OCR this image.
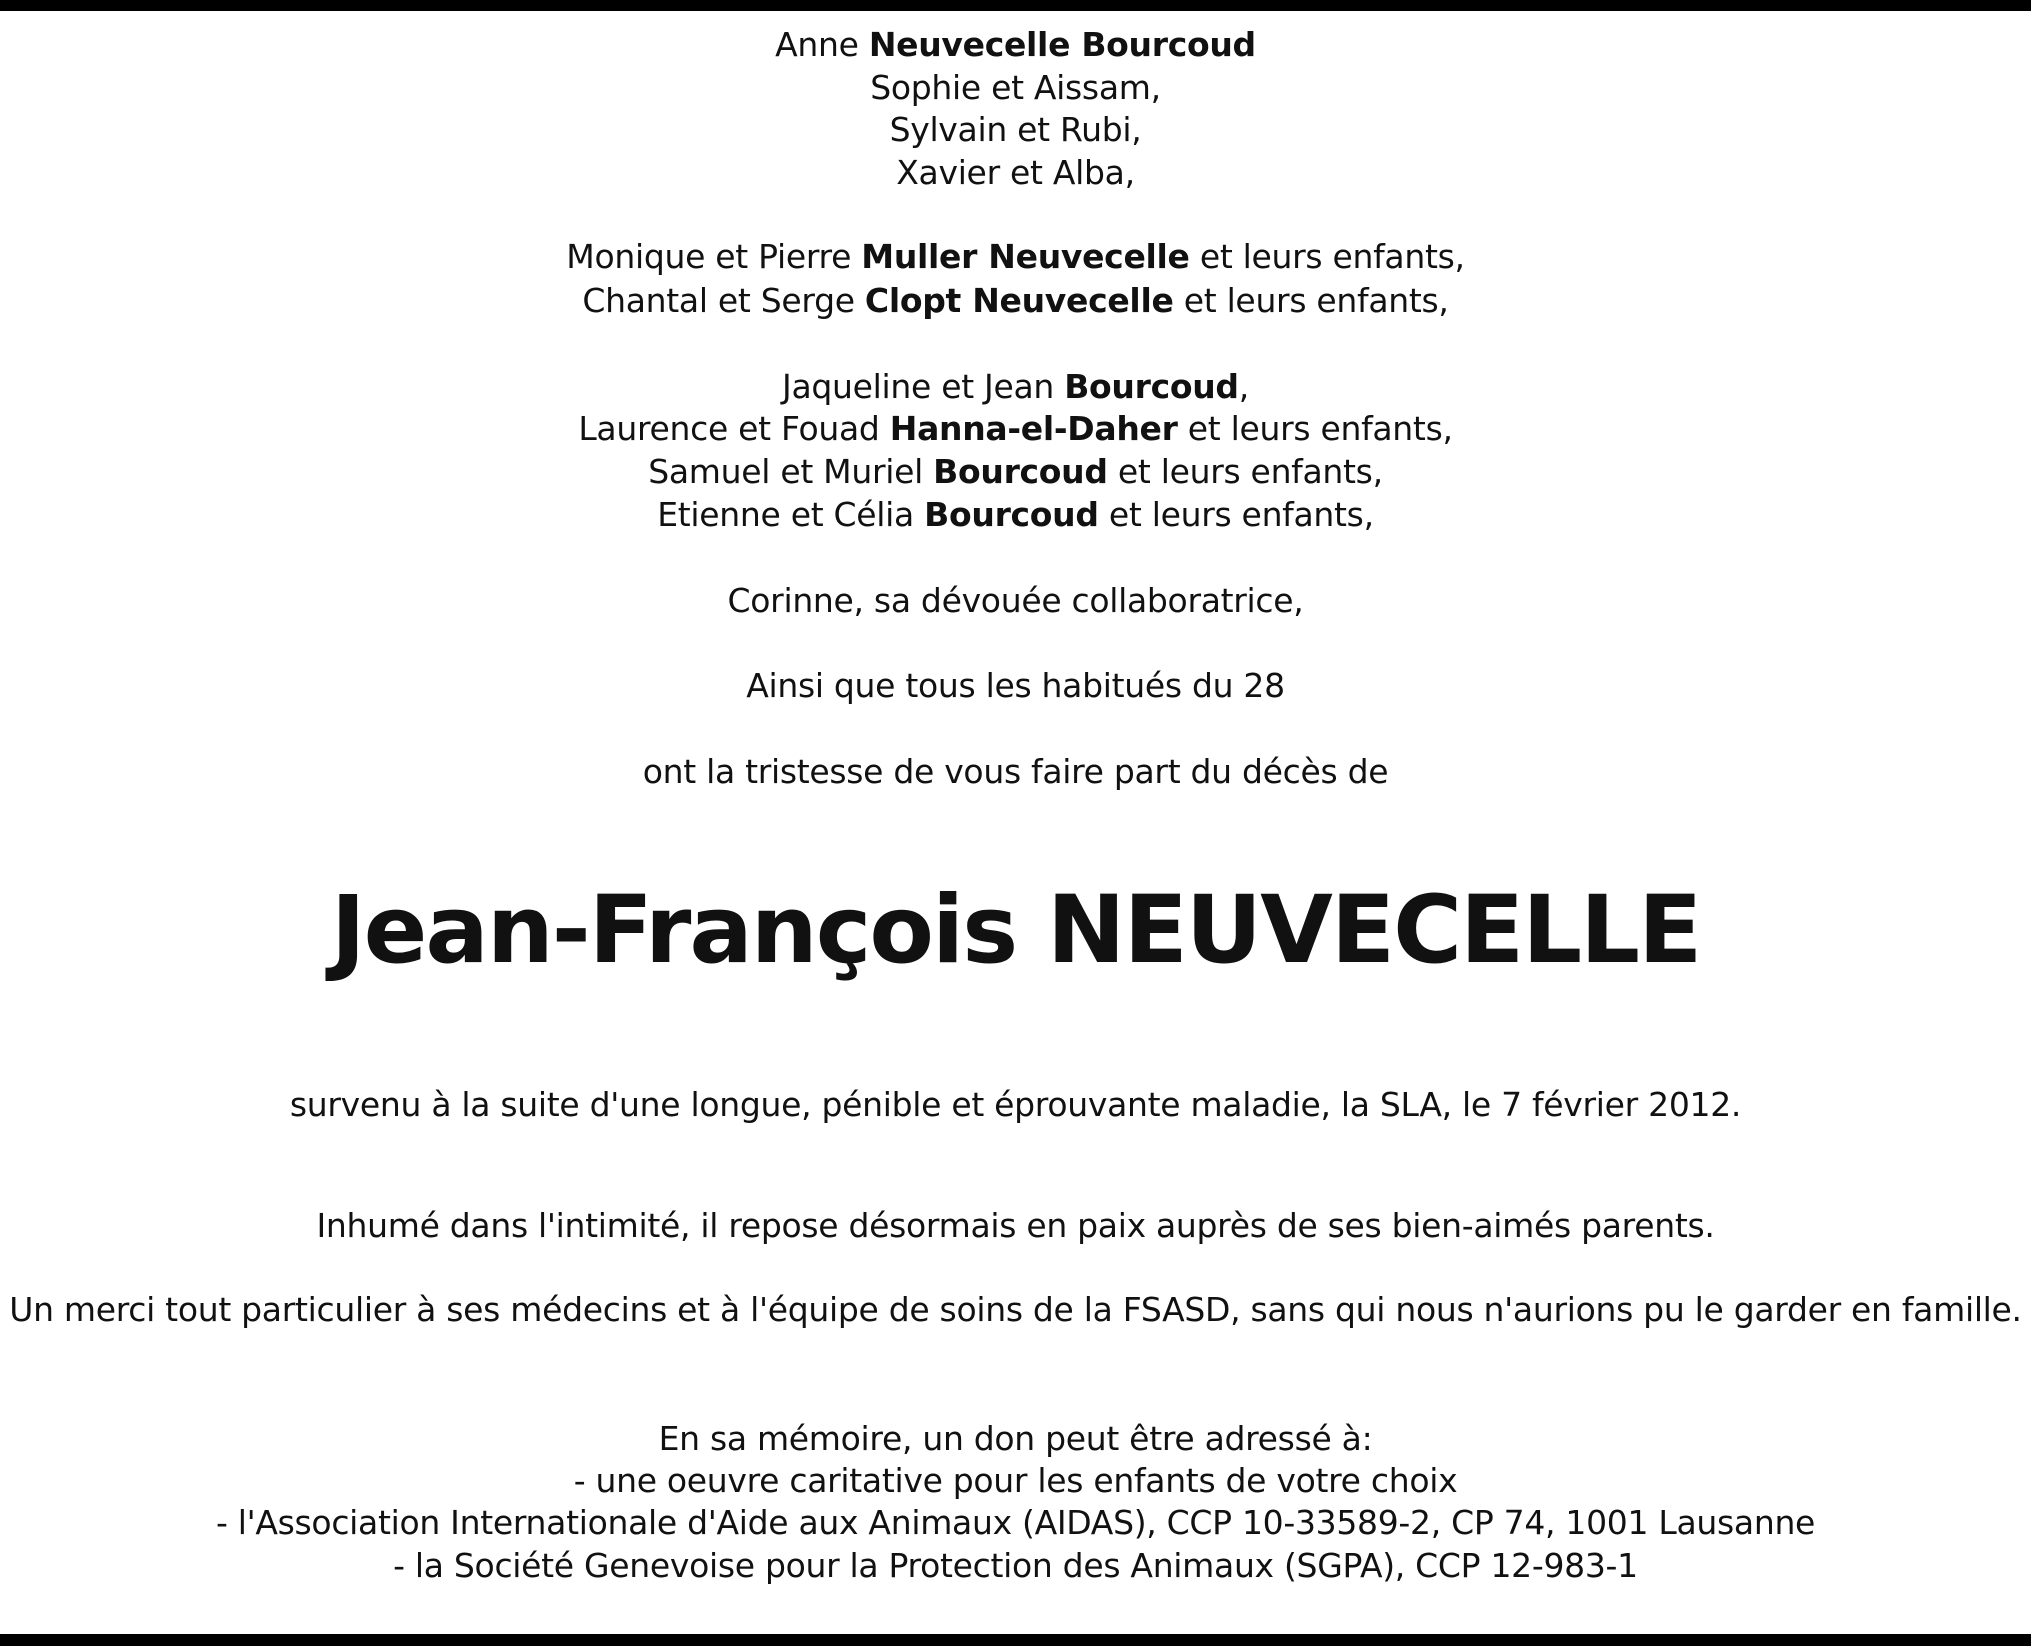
Anne Neuvecelle Bourcoud
Sophie et Aissam,
Sylvain et Rubi,
Xavier et Alba,
Monique et Pierre Muller Neuvecelle et leurs enfants,
Chantal et Serge Clopt Neuvecelle et leurs enfants,
Jaqueline et Jean Bourcoud,
Laurence et Fouad Hanna-el-Daher et leurs enfants,
Samuel et Muriel Bourcoud et leurs enfants,
Etienne et Célia Bourcoud et leurs enfants,
Corinne, sa dévouée collaboratrice,
Ainsi que tous les habitués du 28
ont la tristesse de vous faire part du décès de
Jean-François NEUVECELLE
survenu à la suite d'une longue, pénible et éprouvante maladie, la SLA, le 7 février 2012.
Inhumé dans l'intimité, il repose désormais en paix auprès de ses bien-aimés parents.
Un merci tout particulier à ses médecins et à l'équipe de soins de la FSASD, sans qui nous n'aurions pu le garder en famille.
En sa mémoire, un don peut être adressé à:
- une oeuvre caritative pour les enfants de votre choix
- l'Association Internationale d'Aide aux Animaux (AIDAS), CCP 10-33589-2, CP 74, 1001 Lausanne
- la Société Genevoise pour la Protection des Animaux (SGPA), CCP 12-983-1
